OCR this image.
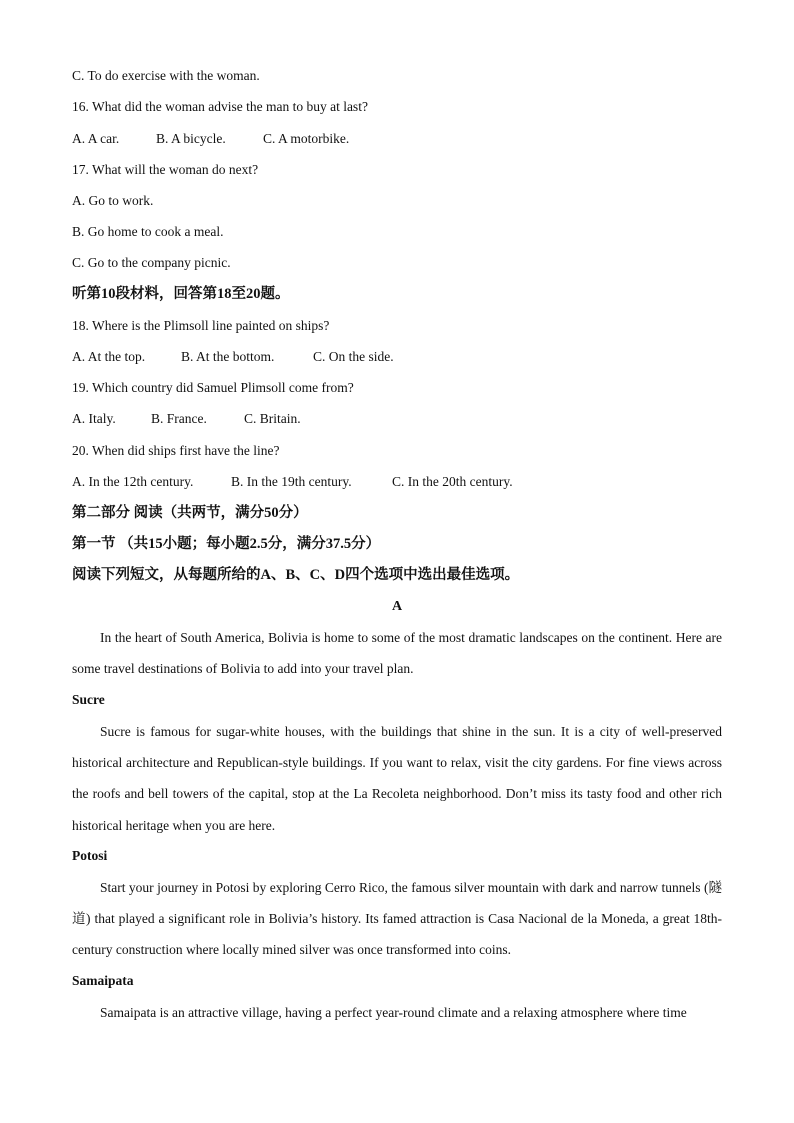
C. To do exercise with the woman.
16. What did the woman advise the man to buy at last?
A. A car.	B. A bicycle.	C. A motorbike.
17. What will the woman do next?
A. Go to work.
B. Go home to cook a meal.
C. Go to the company picnic.
听第10段材料，回答第18至20题。
18. Where is the Plimsoll line painted on ships?
A. At the top.	B. At the bottom.	C. On the side.
19. Which country did Samuel Plimsoll come from?
A. Italy.	B. France.	C. Britain.
20. When did ships first have the line?
A. In the 12th century.	B. In the 19th century.	C. In the 20th century.
第二部分 阅读（共两节，满分50分）
第一节 （共15小题；每小题2.5分，满分37.5分）
阅读下列短文，从每题所给的A、B、C、D四个选项中选出最佳选项。
A

In the heart of South America, Bolivia is home to some of the most dramatic landscapes on the continent. Here are some travel destinations of Bolivia to add into your travel plan.

Sucre

Sucre is famous for sugar-white houses, with the buildings that shine in the sun. It is a city of well-preserved historical architecture and Republican-style buildings. If you want to relax, visit the city gardens. For fine views across the roofs and bell towers of the capital, stop at the La Recoleta neighborhood. Don’t miss its tasty food and other rich historical heritage when you are here.

Potosi

Start your journey in Potosi by exploring Cerro Rico, the famous silver mountain with dark and narrow tunnels (隧道) that played a significant role in Bolivia’s history. Its famed attraction is Casa Nacional de la Moneda, a great 18th-century construction where locally mined silver was once transformed into coins.

Samaipata

Samaipata is an attractive village, having a perfect year-round climate and a relaxing atmosphere where time
